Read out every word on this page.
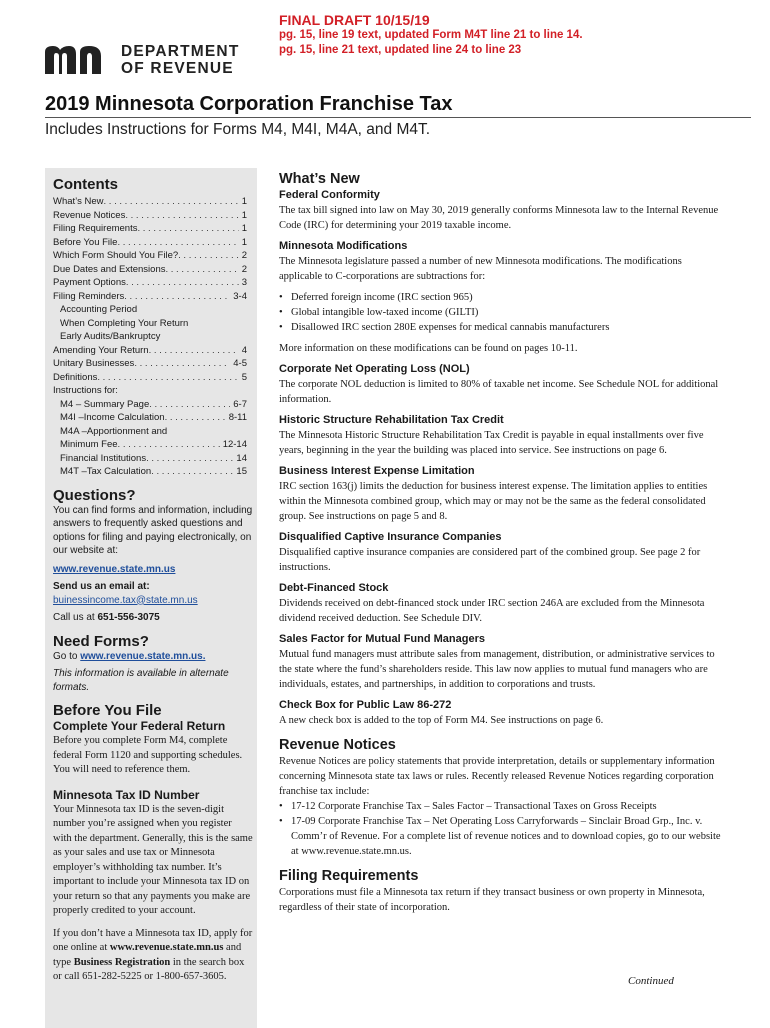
FINAL DRAFT 10/15/19
pg. 15, line 19 text, updated Form M4T line 21 to line 14.
pg. 15, line 21 text, updated line 24 to line 23
DEPARTMENT
OF REVENUE
2019 Minnesota Corporation Franchise Tax
Includes Instructions for Forms M4, M4I, M4A, and M4T.
Contents
What’s New . . .	1
Revenue Notices . . .	1
Filing Requirements . . .	1
Before You File . . .	1
Which Form Should You File? . . .	2
Due Dates and Extensions . . .	2
Payment Options . . .	3
Filing Reminders . . .	3-4
Accounting Period
When Completing Your Return
Early Audits/Bankruptcy
Amending Your Return . . .	4
Unitary Businesses . . .	4-5
Definitions . . .	5
Instructions for:
M4 – Summary Page . . .	6-7
M4I –Income Calculation . . .	8-11
M4A –Apportionment and
Minimum Fee . . .	12-14
Financial Institutions . . .	14
M4T –Tax Calculation . . .	15
Questions?

You can find forms and information, including answers to frequently asked questions and options for filing and paying electronically, on our website at:

www.revenue.state.mn.us

Send us an email at:

buinessincome.tax@state.mn.us

Call us at 651-556-3075

Need Forms?

Go to www.revenue.state.mn.us.

This information is available in alternate formats.

Before You File
Complete Your Federal Return

Before you complete Form M4, complete federal Form 1120 and supporting schedules. You will need to reference them.

Minnesota Tax ID Number

Your Minnesota tax ID is the seven-digit number you’re assigned when you register with the department. Generally, this is the same as your sales and use tax or Minnesota employer’s withholding tax number. It’s important to include your Minnesota tax ID on your return so that any payments you make are properly credited to your account.

If you don’t have a Minnesota tax ID, apply for one online at www.revenue.state.mn.us and type Business Registration in the search box or call 651-282-5225 or 1-800-657-3605.

What’s New
Federal Conformity

The tax bill signed into law on May 30, 2019 generally conforms Minnesota law to the Internal Revenue Code (IRC) for determining your 2019 taxable income.

Minnesota Modifications

The Minnesota legislature passed a number of new Minnesota modifications. The modifications applicable to C-corporations are subtractions for:

• Deferred foreign income (IRC section 965)
• Global intangible low-taxed income (GILTI)
• Disallowed IRC section 280E expenses for medical cannabis manufacturers

More information on these modifications can be found on pages 10-11.

Corporate Net Operating Loss (NOL)

The corporate NOL deduction is limited to 80% of taxable net income. See Schedule NOL for additional information.

Historic Structure Rehabilitation Tax Credit

The Minnesota Historic Structure Rehabilitation Tax Credit is payable in equal installments over five years, beginning in the year the building was placed into service. See instructions on page 6.

Business Interest Expense Limitation

IRC section 163(j) limits the deduction for business interest expense. The limitation applies to entities within the Minnesota combined group, which may or may not be the same as the federal consolidated group. See instructions on page 5 and 8.

Disqualified Captive Insurance Companies

Disqualified captive insurance companies are considered part of the combined group. See page 2 for instructions.

Debt-Financed Stock

Dividends received on debt-financed stock under IRC section 246A are excluded from the Minnesota dividend received deduction. See Schedule DIV.

Sales Factor for Mutual Fund Managers

Mutual fund managers must attribute sales from management, distribution, or administrative services to the state where the fund’s shareholders reside. This law now applies to mutual fund managers who are individuals, estates, and partnerships, in addition to corporations and trusts.

Check Box for Public Law 86-272

A new check box is added to the top of Form M4. See instructions on page 6.

Revenue Notices

Revenue Notices are policy statements that provide interpretation, details or supplementary information concerning Minnesota state tax laws or rules. Recently released Revenue Notices regarding corporation franchise tax include:

• 17-12 Corporate Franchise Tax – Sales Factor – Transactional Taxes on Gross Receipts
• 17-09 Corporate Franchise Tax – Net Operating Loss Carryforwards – Sinclair Broad Grp., Inc. v. Comm’r of Revenue. For a complete list of revenue notices and to download copies, go to our website at www.revenue.state.mn.us.
Filing Requirements

Corporations must file a Minnesota tax return if they transact business or own property in Minnesota, regardless of their state of incorporation.

Continued
